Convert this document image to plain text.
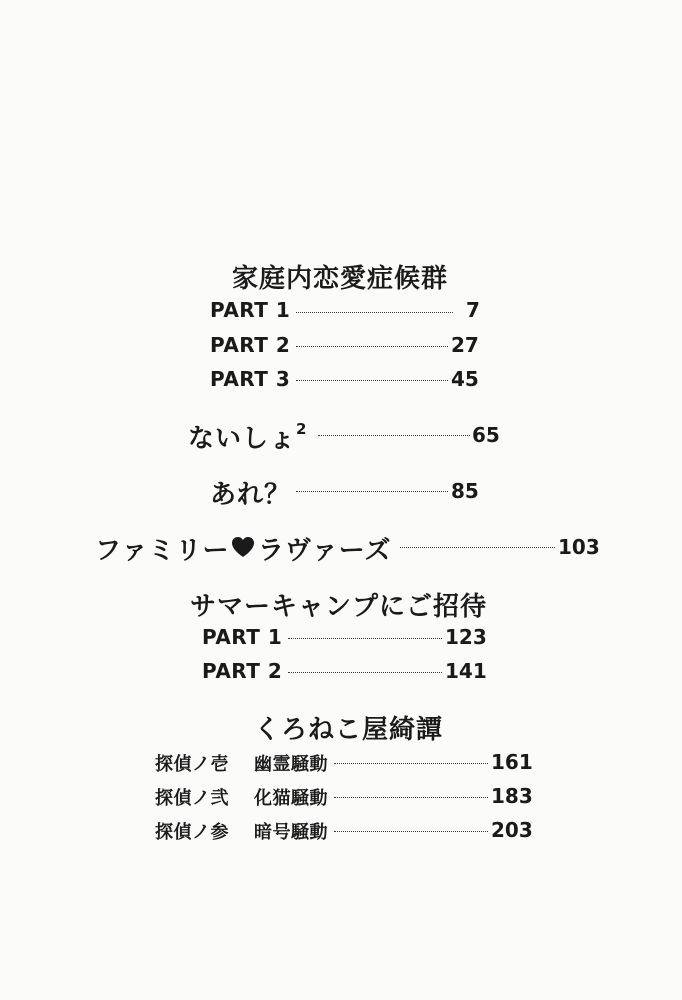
家庭内恋愛症候群
PART 1	7
PART 2	27
PART 3	45
ないしょ$^2$	65
あれ？	85
ファミリー ラヴァーズ	103
サマーキャンプにご招待
PART 1	123
PART 2	141
くろねこ屋綺譚
探偵ノ壱 幽霊騒動	161
探偵ノ弐 化猫騒動	183
探偵ノ参 暗号騒動	203
